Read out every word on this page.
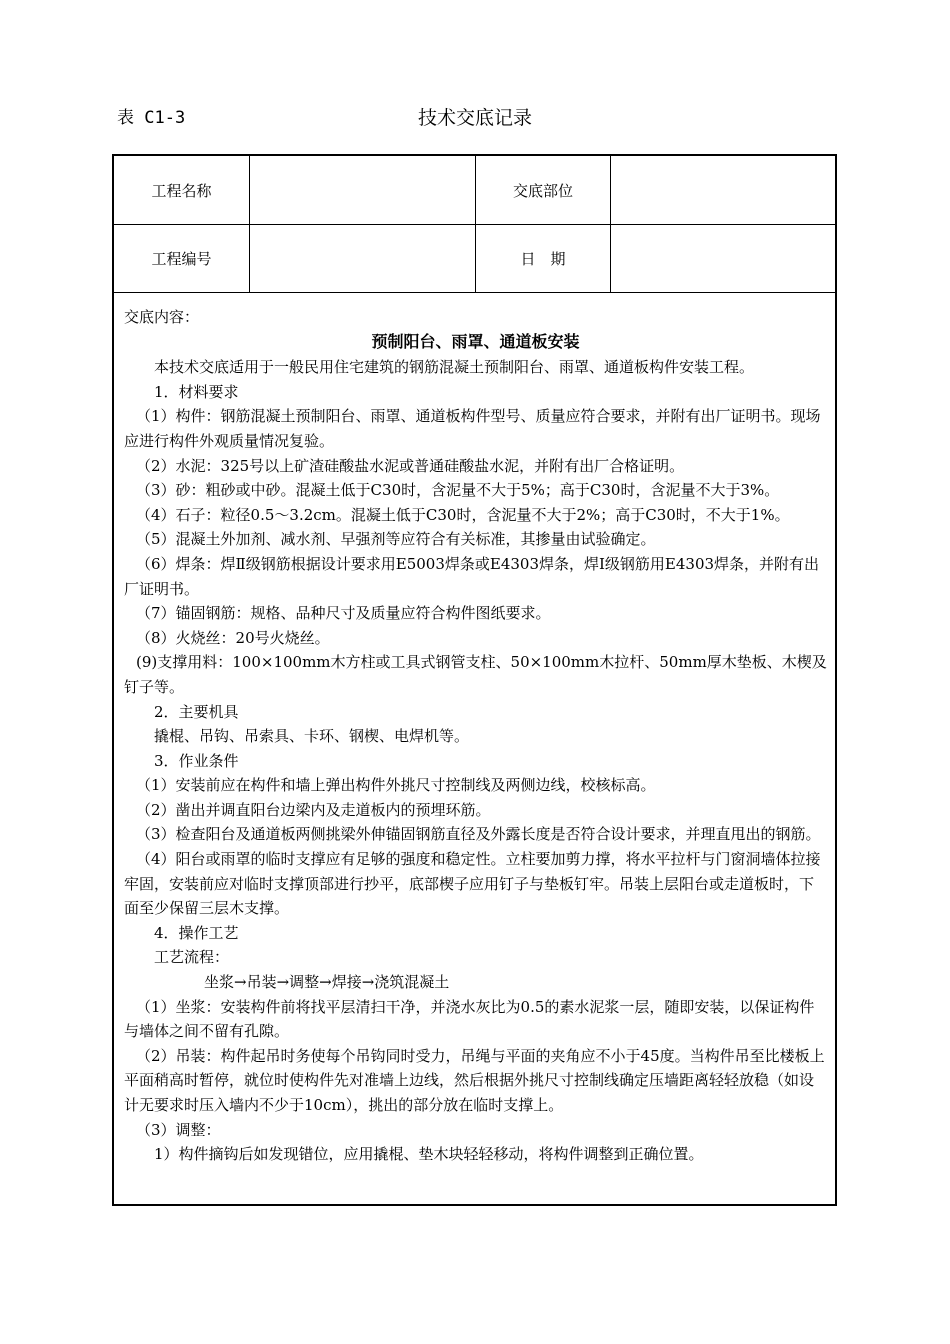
表 C1-3	技术交底记录
工程名称	交底部位
工程编号	日　期

交底内容：

预制阳台、雨罩、通道板安装

本技术交底适用于一般民用住宅建筑的钢筋混凝土预制阳台、雨罩、通道板构件安装工程。

1．材料要求

（1）构件：钢筋混凝土预制阳台、雨罩、通道板构件型号、质量应符合要求，并附有出厂证明书。现场应进行构件外观质量情况复验。

（2）水泥：325号以上矿渣硅酸盐水泥或普通硅酸盐水泥，并附有出厂合格证明。

（3）砂：粗砂或中砂。混凝土低于C30时，含泥量不大于5%；高于C30时，含泥量不大于3%。

（4）石子：粒径0.5～3.2cm。混凝土低于C30时，含泥量不大于2%；高于C30时，不大于1%。

（5）混凝土外加剂、减水剂、早强剂等应符合有关标准，其掺量由试验确定。

（6）焊条：焊Ⅱ级钢筋根据设计要求用E5003焊条或E4303焊条，焊Ⅰ级钢筋用E4303焊条，并附有出厂证明书。

（7）锚固钢筋：规格、品种尺寸及质量应符合构件图纸要求。

（8）火烧丝：20号火烧丝。

(9)支撑用料：100×100mm木方柱或工具式钢管支柱、50×100mm木拉杆、50mm厚木垫板、木楔及钉子等。

2．主要机具

撬棍、吊钩、吊索具、卡环、钢楔、电焊机等。

3．作业条件

（1）安装前应在构件和墙上弹出构件外挑尺寸控制线及两侧边线，校核标高。

（2）凿出并调直阳台边梁内及走道板内的预埋环筋。

（3）检查阳台及通道板两侧挑梁外伸锚固钢筋直径及外露长度是否符合设计要求，并理直甩出的钢筋。

（4）阳台或雨罩的临时支撑应有足够的强度和稳定性。立柱要加剪力撑，将水平拉杆与门窗洞墙体拉接牢固，安装前应对临时支撑顶部进行抄平，底部楔子应用钉子与垫板钉牢。吊装上层阳台或走道板时，下面至少保留三层木支撑。

4．操作工艺

工艺流程：

坐浆→吊装→调整→焊接→浇筑混凝土

（1）坐浆：安装构件前将找平层清扫干净，并浇水灰比为0.5的素水泥浆一层，随即安装，以保证构件与墙体之间不留有孔隙。

（2）吊装：构件起吊时务使每个吊钩同时受力，吊绳与平面的夹角应不小于45度。当构件吊至比楼板上平面稍高时暂停，就位时使构件先对准墙上边线，然后根据外挑尺寸控制线确定压墙距离轻轻放稳（如设计无要求时压入墙内不少于10cm），挑出的部分放在临时支撑上。

（3）调整：

1）构件摘钩后如发现错位，应用撬棍、垫木块轻轻移动，将构件调整到正确位置。
